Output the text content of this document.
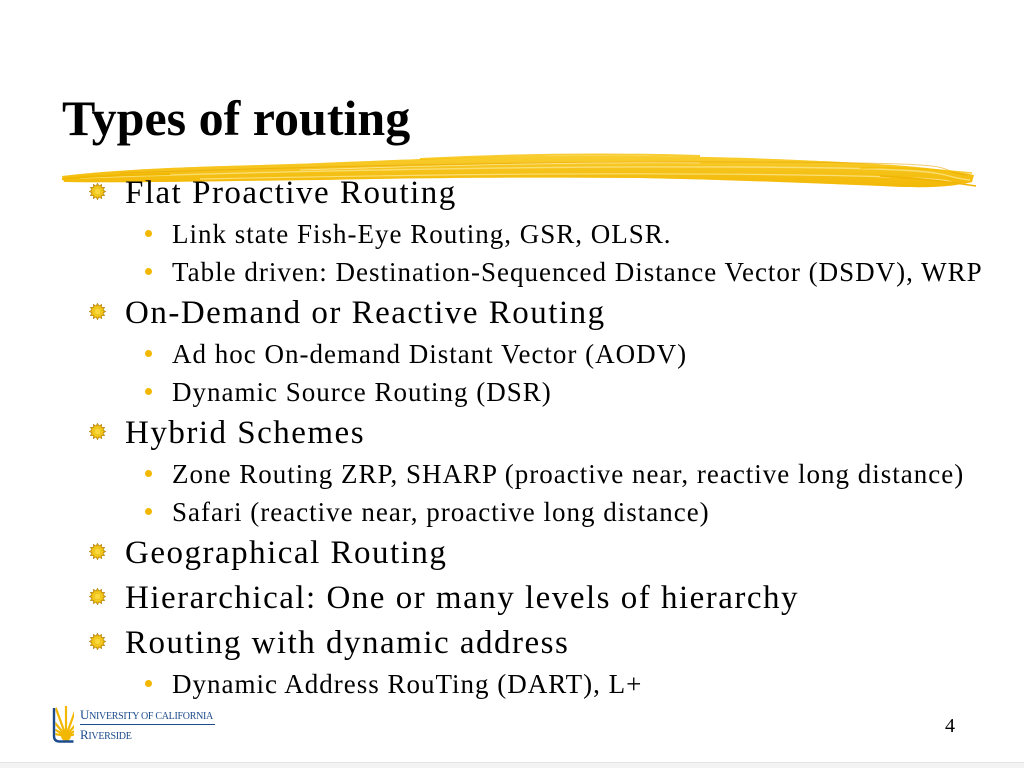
Types of routing
Flat Proactive Routing
Link state Fish-Eye Routing, GSR, OLSR.
Table driven: Destination-Sequenced Distance Vector (DSDV), WRP
On-Demand or Reactive Routing
Ad hoc On-demand Distant Vector (AODV)
Dynamic Source Routing (DSR)
Hybrid Schemes
Zone Routing ZRP, SHARP (proactive near, reactive long distance)
Safari (reactive near, proactive long distance)
Geographical Routing
Hierarchical: One or many levels of hierarchy
Routing with dynamic address
Dynamic Address RouTing (DART), L+
UNIVERSITY OF CALIFORNIA
RIVERSIDE	4
